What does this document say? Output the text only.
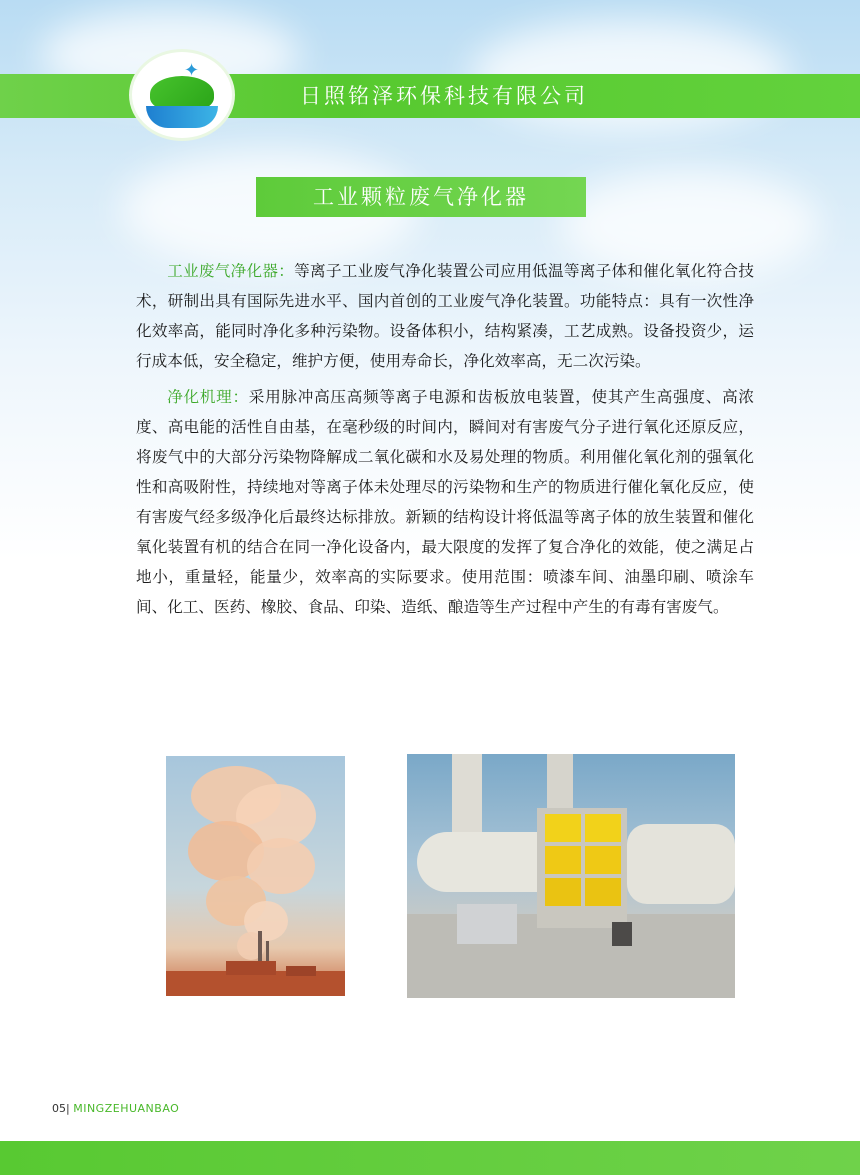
✦
日照铭泽环保科技有限公司
工业颗粒废气净化器

工业废气净化器：等离子工业废气净化装置公司应用低温等离子体和催化氧化符合技术，研制出具有国际先进水平、国内首创的工业废气净化装置。功能特点：具有一次性净化效率高，能同时净化多种污染物。设备体积小，结构紧凑，工艺成熟。设备投资少，运行成本低，安全稳定，维护方便，使用寿命长，净化效率高，无二次污染。

净化机理：采用脉冲高压高频等离子电源和齿板放电装置，使其产生高强度、高浓度、高电能的活性自由基，在毫秒级的时间内，瞬间对有害废气分子进行氧化还原反应，将废气中的大部分污染物降解成二氧化碳和水及易处理的物质。利用催化氧化剂的强氧化性和高吸附性，持续地对等离子体未处理尽的污染物和生产的物质进行催化氧化反应，使有害废气经多级净化后最终达标排放。新颖的结构设计将低温等离子体的放生装置和催化氧化装置有机的结合在同一净化设备内，最大限度的发挥了复合净化的效能，使之满足占地小，重量轻，能量少，效率高的实际要求。使用范围：喷漆车间、油墨印刷、喷涂车间、化工、医药、橡胶、食品、印染、造纸、酿造等生产过程中产生的有毒有害废气。

05| MINGZEHUANBAO
